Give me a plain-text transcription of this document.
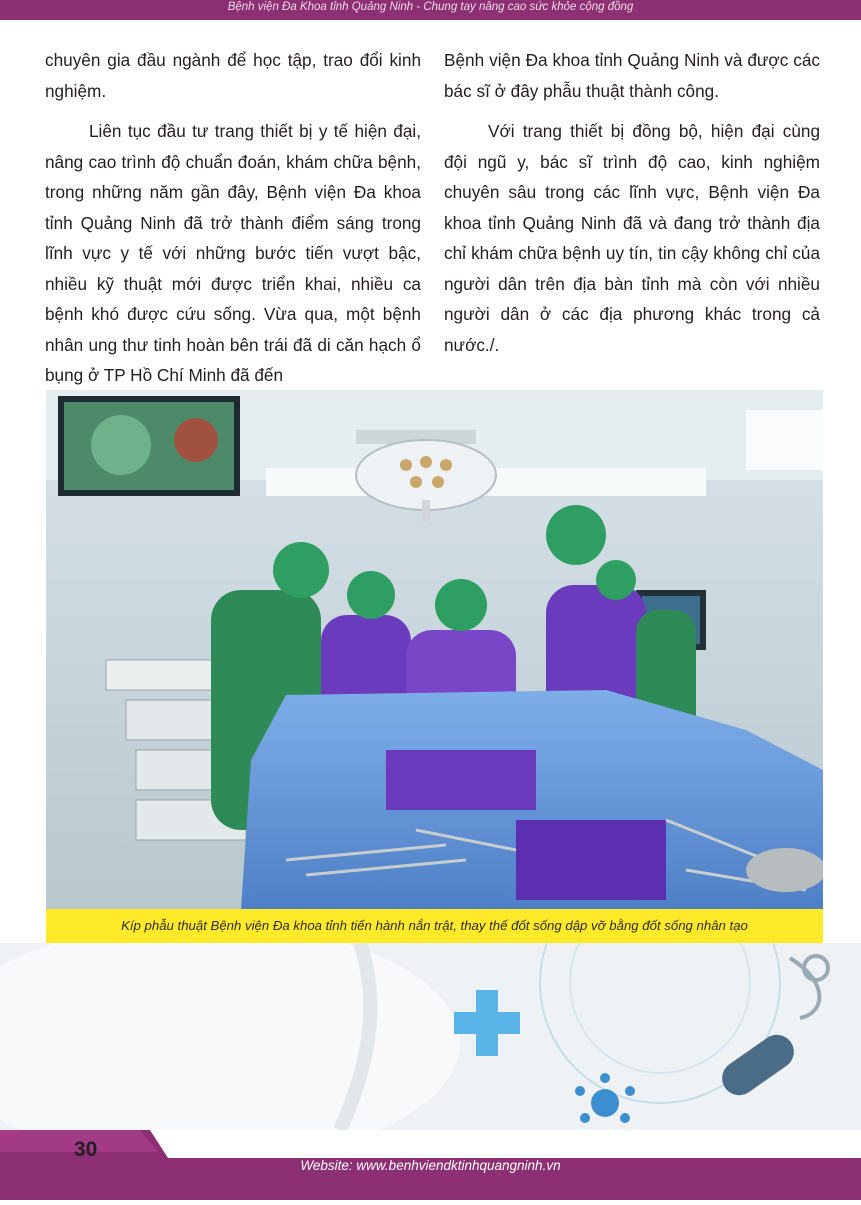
Bệnh viện Đa Khoa tỉnh Quảng Ninh - Chung tay nâng cao sức khỏe cộng đồng

chuyên gia đầu ngành để học tập, trao đổi kinh nghiệm.

Liên tục đầu tư trang thiết bị y tế hiện đại, nâng cao trình độ chuẩn đoán, khám chữa bệnh, trong những năm gần đây, Bệnh viện Đa khoa tỉnh Quảng Ninh đã trở thành điểm sáng trong lĩnh vực y tế với những bước tiến vượt bậc, nhiều kỹ thuật mới được triển khai, nhiều ca bệnh khó được cứu sống. Vừa qua, một bệnh nhân ung thư tinh hoàn bên trái đã di căn hạch ổ bụng ở TP Hồ Chí Minh đã đến

Bệnh viện Đa khoa tỉnh Quảng Ninh và được các bác sĩ ở đây phẫu thuật thành công.

Với trang thiết bị đồng bộ, hiện đại cùng đội ngũ y, bác sĩ trình độ cao, kinh nghiệm chuyên sâu trong các lĩnh vực, Bệnh viện Đa khoa tỉnh Quảng Ninh đã và đang trở thành địa chỉ khám chữa bệnh uy tín, tin cậy không chỉ của người dân trên địa bàn tỉnh mà còn với nhiều người dân ở các địa phương khác trong cả nước./.

Kíp phẫu thuật Bệnh viện Đa khoa tỉnh tiến hành nắn trật, thay thế đốt sống dập vỡ bằng đốt sống nhân tạo
30
Website: www.benhviendktinhquangninh.vn
